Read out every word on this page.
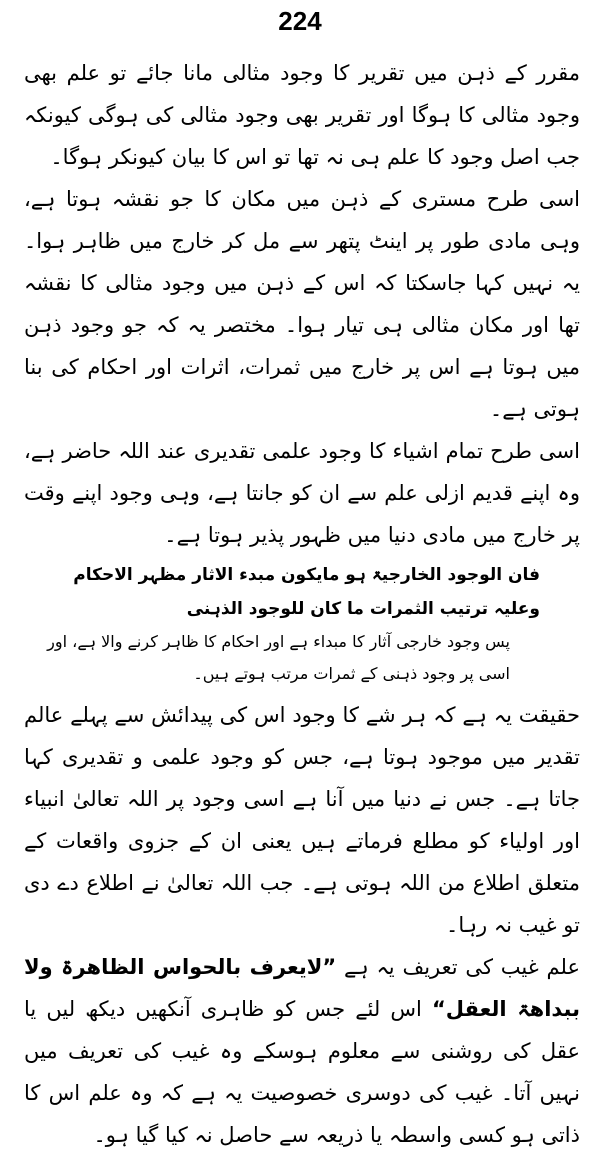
224

مقرر کے ذہن میں تقریر کا وجود مثالی مانا جائے تو علم بھی وجود مثالی کا ہوگا اور تقریر بھی وجود مثالی کی ہوگی کیونکہ جب اصل وجود کا علم ہی نہ تھا تو اس کا بیان کیونکر ہوگا۔

اسی طرح مستری کے ذہن میں مکان کا جو نقشہ ہوتا ہے، وہی مادی طور پر اینٹ پتھر سے مل کر خارج میں ظاہر ہوا۔ یہ نہیں کہا جاسکتا کہ اس کے ذہن میں وجود مثالی کا نقشہ تھا اور مکان مثالی ہی تیار ہوا۔ مختصر یہ کہ جو وجود ذہن میں ہوتا ہے اس پر خارج میں ثمرات، اثرات اور احکام کی بنا ہوتی ہے۔

اسی طرح تمام اشیاء کا وجود علمی تقدیری عند اللہ حاضر ہے، وہ اپنے قدیم ازلی علم سے ان کو جانتا ہے، وہی وجود اپنے وقت پر خارج میں مادی دنیا میں ظہور پذیر ہوتا ہے۔

فان الوجود الخارجیۃ ہو مایکون مبدء الاثار مظہر الاحکام وعلیہ ترتیب الثمرات ما کان للوجود الذہنی

پس وجود خارجی آثار کا مبداء ہے اور احکام کا ظاہر کرنے والا ہے، اور اسی پر وجود ذہنی کے ثمرات مرتب ہوتے ہیں۔

حقیقت یہ ہے کہ ہر شے کا وجود اس کی پیدائش سے پہلے عالم تقدیر میں موجود ہوتا ہے، جس کو وجود علمی و تقدیری کہا جاتا ہے۔ جس نے دنیا میں آنا ہے اسی وجود پر اللہ تعالیٰ انبیاء اور اولیاء کو مطلع فرماتے ہیں یعنی ان کے جزوی واقعات کے متعلق اطلاع من اللہ ہوتی ہے۔ جب اللہ تعالیٰ نے اطلاع دے دی تو غیب نہ رہا۔

علم غیب کی تعریف یہ ہے ”لایعرف بالحواس الظاھرۃ ولا ببداھۃ العقل“ اس لئے جس کو ظاہری آنکھیں دیکھ لیں یا عقل کی روشنی سے معلوم ہوسکے وہ غیب کی تعریف میں نہیں آتا۔ غیب کی دوسری خصوصیت یہ ہے کہ وہ علم اس کا ذاتی ہو کسی واسطہ یا ذریعہ سے حاصل نہ کیا گیا ہو۔
